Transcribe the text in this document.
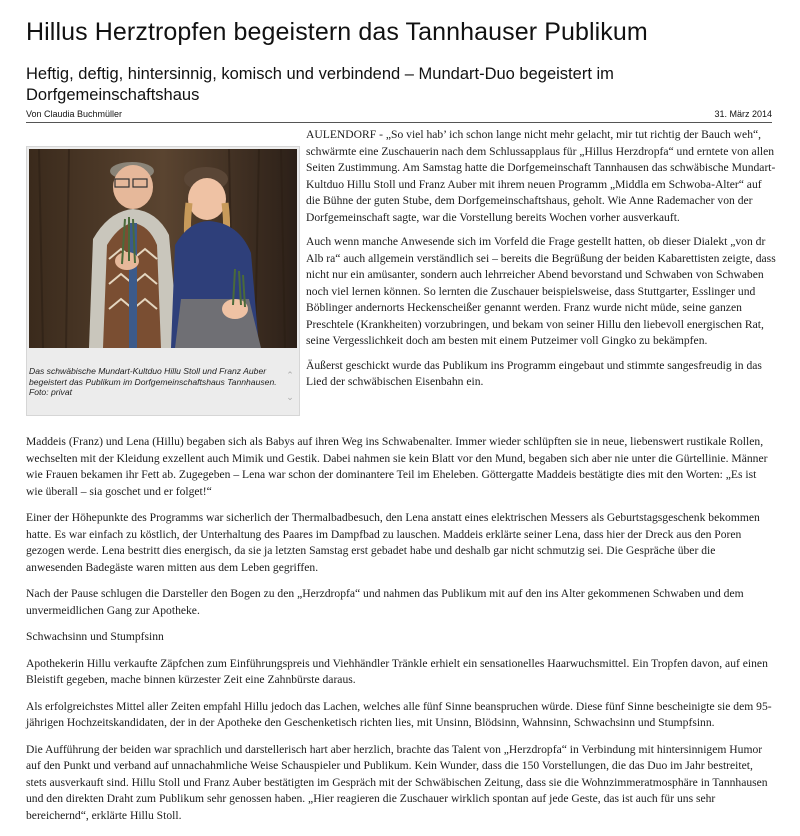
Hillus Herztropfen begeistern das Tannhauser Publikum
Heftig, deftig, hintersinnig, komisch und verbindend – Mundart-Duo begeistert im Dorfgemeinschaftshaus
Von Claudia Buchmüller	31. März 2014
Das schwäbische Mundart-Kultduo Hillu Stoll und Franz Auber begeistert das Publikum im Dorfgemeinschaftshaus Tannhausen. Foto: privat
⌃
⌄

AULENDORF - „So viel hab’ ich schon lange nicht mehr gelacht, mir tut richtig der Bauch weh“, schwärmte eine Zuschauerin nach dem Schlussapplaus für „Hillus Herzdropfa“ und erntete von allen Seiten Zustimmung. Am Samstag hatte die Dorfgemeinschaft Tannhausen das schwäbische Mundart-Kultduo Hillu Stoll und Franz Auber mit ihrem neuen Programm „Middla em Schwoba-Alter“ auf die Bühne der guten Stube, dem Dorfgemeinschaftshaus, geholt. Wie Anne Rademacher von der Dorfgemeinschaft sagte, war die Vorstellung bereits Wochen vorher ausverkauft.

Auch wenn manche Anwesende sich im Vorfeld die Frage gestellt hatten, ob dieser Dialekt „von dr Alb ra“ auch allgemein verständlich sei – bereits die Begrüßung der beiden Kabarettisten zeigte, dass nicht nur ein amüsanter, sondern auch lehrreicher Abend bevorstand und Schwaben von Schwaben noch viel lernen können. So lernten die Zuschauer beispielsweise, dass Stuttgarter, Esslinger und Böblinger andernorts Heckenscheißer genannt werden. Franz wurde nicht müde, seine ganzen Preschtele (Krankheiten) vorzubringen, und bekam von seiner Hillu den liebevoll energischen Rat, seine Vergesslichkeit doch am besten mit einem Putzeimer voll Gingko zu bekämpfen.

Äußerst geschickt wurde das Publikum ins Programm eingebaut und stimmte sangesfreudig in das Lied der schwäbischen Eisenbahn ein.

Maddeis (Franz) und Lena (Hillu) begaben sich als Babys auf ihren Weg ins Schwabenalter. Immer wieder schlüpften sie in neue, liebenswert rustikale Rollen, wechselten mit der Kleidung exzellent auch Mimik und Gestik. Dabei nahmen sie kein Blatt vor den Mund, begaben sich aber nie unter die Gürtellinie. Männer wie Frauen bekamen ihr Fett ab. Zugegeben – Lena war schon der dominantere Teil im Eheleben. Göttergatte Maddeis bestätigte dies mit den Worten: „Es ist wie überall – sia goschet und er folget!“

Einer der Höhepunkte des Programms war sicherlich der Thermalbadbesuch, den Lena anstatt eines elektrischen Messers als Geburtstagsgeschenk bekommen hatte. Es war einfach zu köstlich, der Unterhaltung des Paares im Dampfbad zu lauschen. Maddeis erklärte seiner Lena, dass hier der Dreck aus den Poren gezogen werde. Lena bestritt dies energisch, da sie ja letzten Samstag erst gebadet habe und deshalb gar nicht schmutzig sei. Die Gespräche über die anwesenden Badegäste waren mitten aus dem Leben gegriffen.

Nach der Pause schlugen die Darsteller den Bogen zu den „Herzdropfa“ und nahmen das Publikum mit auf den ins Alter gekommenen Schwaben und dem unvermeidlichen Gang zur Apotheke.

Schwachsinn und Stumpfsinn

Apothekerin Hillu verkaufte Zäpfchen zum Einführungspreis und Viehhändler Tränkle erhielt ein sensationelles Haarwuchsmittel. Ein Tropfen davon, auf einen Bleistift gegeben, mache binnen kürzester Zeit eine Zahnbürste daraus.

Als erfolgreichstes Mittel aller Zeiten empfahl Hillu jedoch das Lachen, welches alle fünf Sinne beanspruchen würde. Diese fünf Sinne bescheinigte sie dem 95-jährigen Hochzeitskandidaten, der in der Apotheke den Geschenketisch richten lies, mit Unsinn, Blödsinn, Wahnsinn, Schwachsinn und Stumpfsinn.

Die Aufführung der beiden war sprachlich und darstellerisch hart aber herzlich, brachte das Talent von „Herzdropfa“ in Verbindung mit hintersinnigem Humor auf den Punkt und verband auf unnachahmliche Weise Schauspieler und Publikum. Kein Wunder, dass die 150 Vorstellungen, die das Duo im Jahr bestreitet, stets ausverkauft sind. Hillu Stoll und Franz Auber bestätigten im Gespräch mit der Schwäbischen Zeitung, dass sie die Wohnzimmeratmosphäre in Tannhausen und den direkten Draht zum Publikum sehr genossen haben. „Hier reagieren die Zuschauer wirklich spontan auf jede Geste, das ist auch für uns sehr bereichernd“, erklärte Hillu Stoll.
